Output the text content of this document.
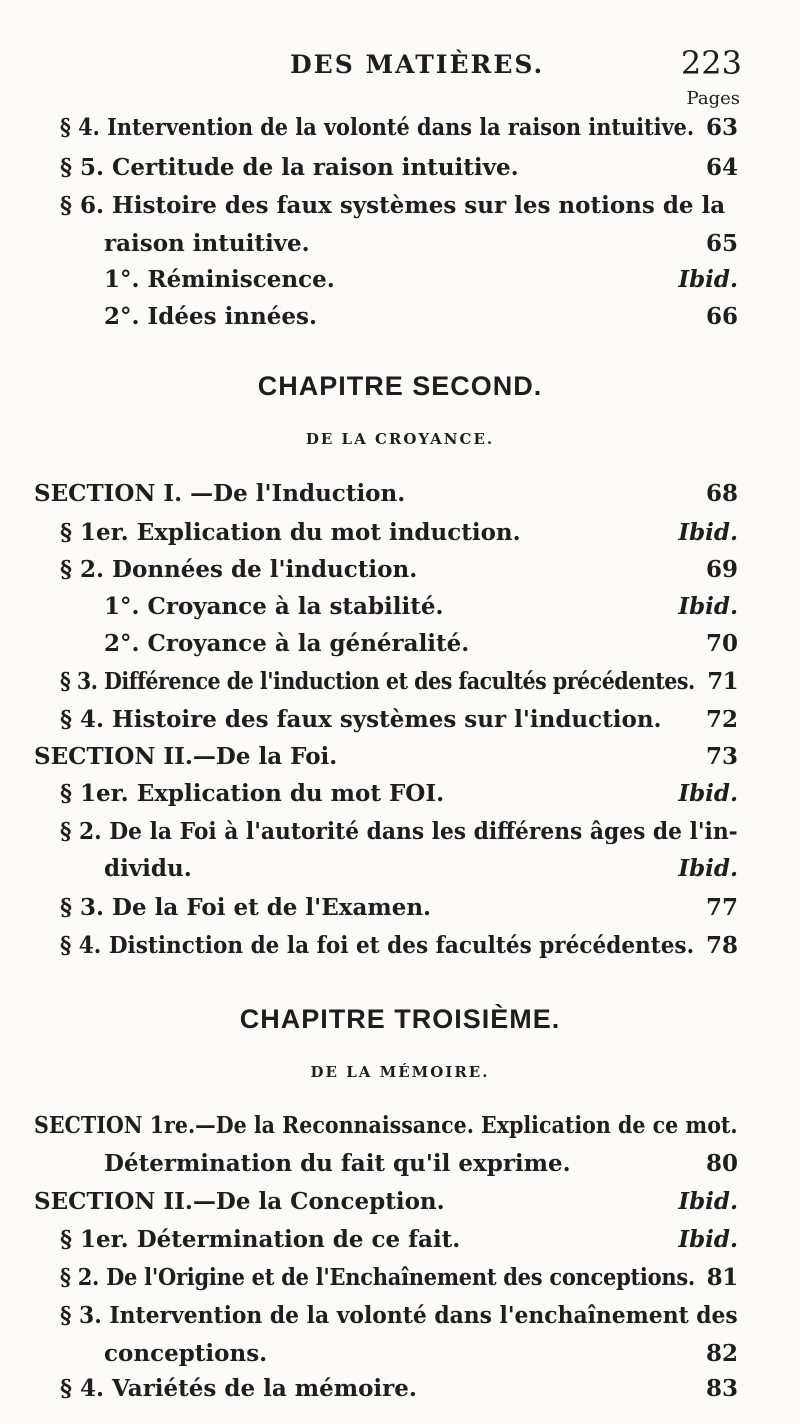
DES MATIÈRES.	223
Pages
§ 4. Intervention de la volonté dans la raison intuitive. 63
§ 5. Certitude de la raison intuitive.	64
§ 6. Histoire des faux systèmes sur les notions de la
raison intuitive.	65
1°. Réminiscence.	Ibid.
2°. Idées innées.	66
CHAPITRE SECOND.
DE LA CROYANCE.
SECTION I. —De l'Induction.	68
§ 1er. Explication du mot induction.	Ibid.
§ 2. Données de l'induction.	69
1°. Croyance à la stabilité.	Ibid.
2°. Croyance à la généralité.	70
§ 3. Différence de l'induction et des facultés précédentes. 71
§ 4. Histoire des faux systèmes sur l'induction. 72
SECTION II.—De la Foi.	73
§ 1er. Explication du mot FOI.	Ibid.
§ 2. De la Foi à l'autorité dans les différens âges de l'in-
dividu.	Ibid.
§ 3. De la Foi et de l'Examen.	77
§ 4. Distinction de la foi et des facultés précédentes. 78
CHAPITRE TROISIÈME.
DE LA MÉMOIRE.
SECTION 1re.—De la Reconnaissance. Explication de ce mot.
Détermination du fait qu'il exprime.	80
SECTION II.—De la Conception.	Ibid.
§ 1er. Détermination de ce fait.	Ibid.
§ 2. De l'Origine et de l'Enchaînement des conceptions. 81
§ 3. Intervention de la volonté dans l'enchaînement des
conceptions.	82
§ 4. Variétés de la mémoire.	83
